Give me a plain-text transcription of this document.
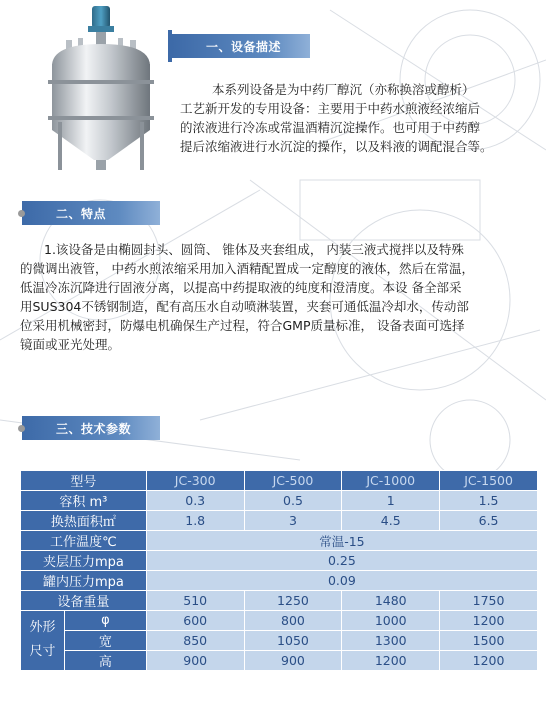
一、设备描述
本系列设备是为中药厂醇沉（亦称换溶或醇析）
工艺新开发的专用设备：主要用于中药水煎液经浓缩后
的浓液进行冷冻或常温酒精沉淀操作。也可用于中药醇
提后浓缩液进行水沉淀的操作，以及料液的调配混合等。
二、特点
1.该设备是由椭圆封头、圆筒、 锥体及夹套组成， 内装三液式搅拌以及特殊
的微调出液管， 中药水煎浓缩采用加入酒精配置成一定醇度的液体，然后在常温，
低温冷冻沉降进行固液分离，以提高中药提取液的纯度和澄清度。本设 备全部采
用SUS304不锈钢制造，配有高压水自动喷淋装置，夹套可通低温冷却水，传动部
位采用机械密封，防爆电机确保生产过程，符合GMP质量标准， 设备表面可选择
镜面或亚光处理。
三、技术参数
型号		JC-300	JC-500	JC-1000	JC-1500
容积 m³		0.3	0.5	1	1.5
换热面积㎡		1.8	3	4.5	6.5
工作温度℃		常温-15			
夹层压力mpa		0.25			
罐内压力mpa		0.09			
设备重量		510	1250	1480	1750

外形
尺寸	φ	600	800	1000	1200
	宽	850	1050	1300	1500
	高	900	900	1200	1200
